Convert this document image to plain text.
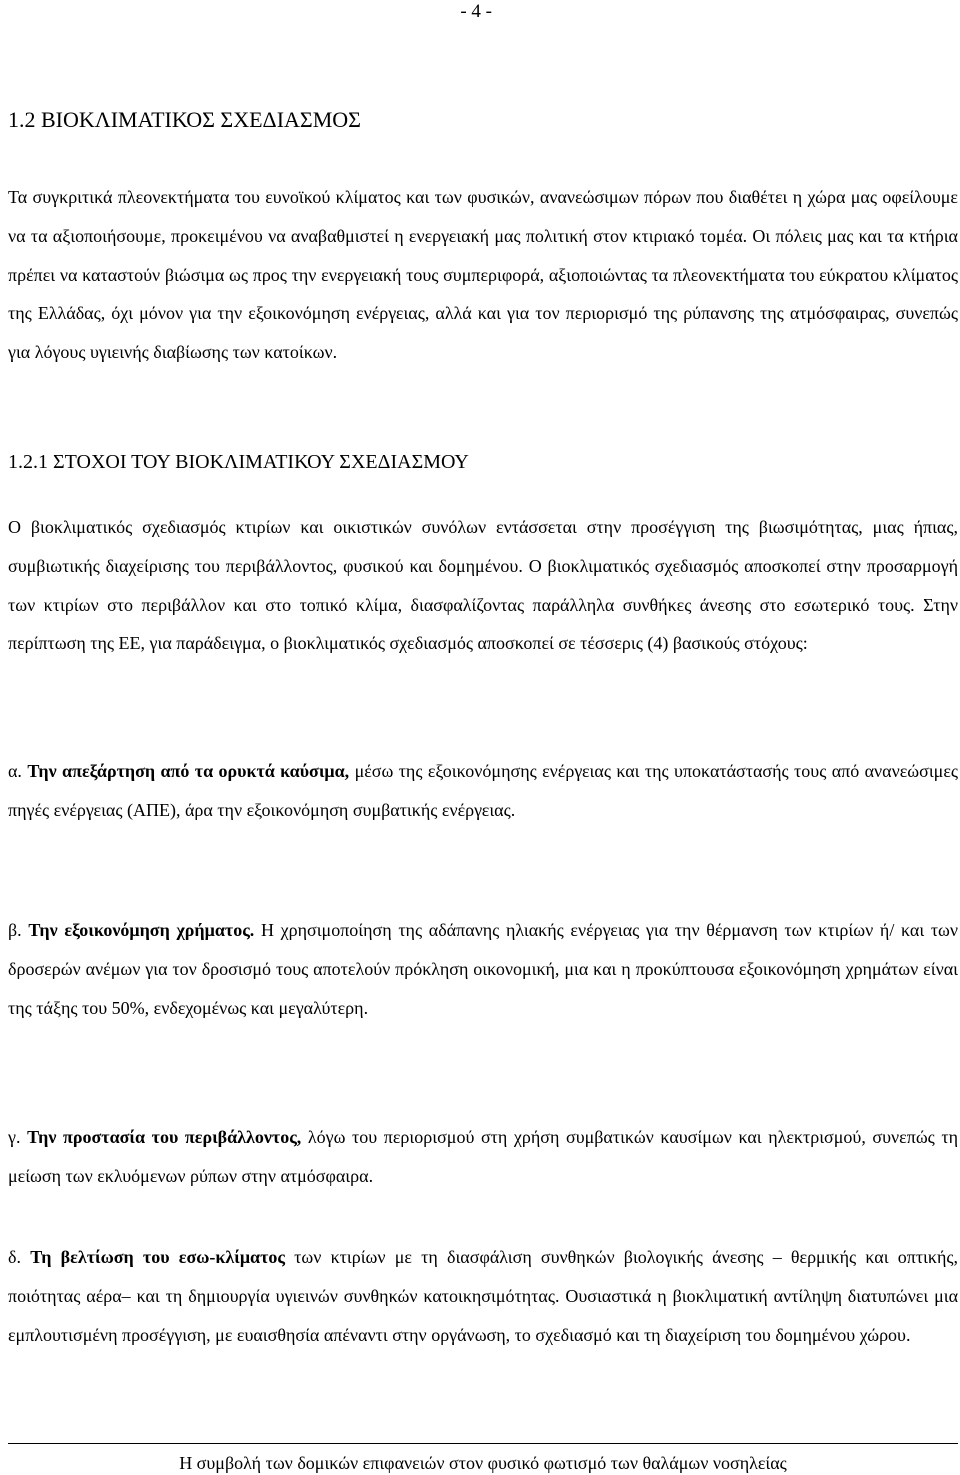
- 4 -

1.2 ΒΙΟΚΛΙΜΑΤΙΚΟΣ ΣΧΕΔΙΑΣΜΟΣ

Τα συγκριτικά πλεονεκτήματα του ευνοϊκού κλίματος και των φυσικών, ανανεώσιμων πόρων που διαθέτει η χώρα μας οφείλουμε να τα αξιοποιήσουμε, προκειμένου να αναβαθμιστεί η ενεργειακή μας πολιτική στον κτιριακό τομέα. Οι πόλεις μας και τα κτήρια πρέπει να καταστούν βιώσιμα ως προς την ενεργειακή τους συμπεριφορά, αξιοποιώντας τα πλεονεκτήματα του εύκρατου κλίματος της Ελλάδας, όχι μόνον για την εξοικονόμηση ενέργειας, αλλά και για τον περιορισμό της ρύπανσης της ατμόσφαιρας, συνεπώς για λόγους υγιεινής διαβίωσης των κατοίκων.

1.2.1 ΣΤΟΧΟΙ ΤΟΥ ΒΙΟΚΛΙΜΑΤΙΚΟΥ ΣΧΕΔΙΑΣΜΟΥ

Ο βιοκλιματικός σχεδιασμός κτιρίων και οικιστικών συνόλων εντάσσεται στην προσέγγιση της βιωσιμότητας, μιας ήπιας, συμβιωτικής διαχείρισης του περιβάλλοντος, φυσικού και δομημένου. Ο βιοκλιματικός σχεδιασμός αποσκοπεί στην προσαρμογή των κτιρίων στο περιβάλλον και στο τοπικό κλίμα, διασφαλίζοντας παράλληλα συνθήκες άνεσης στο εσωτερικό τους. Στην περίπτωση της ΕΕ, για παράδειγμα, ο βιοκλιματικός σχεδιασμός αποσκοπεί σε τέσσερις (4) βασικούς στόχους:

α. Την απεξάρτηση από τα ορυκτά καύσιμα, μέσω της εξοικονόμησης ενέργειας και της υποκατάστασής τους από ανανεώσιμες πηγές ενέργειας (ΑΠΕ), άρα την εξοικονόμηση συμβατικής ενέργειας.

β. Την εξοικονόμηση χρήματος. Η χρησιμοποίηση της αδάπανης ηλιακής ενέργειας για την θέρμανση των κτιρίων ή/ και των δροσερών ανέμων για τον δροσισμό τους αποτελούν πρόκληση οικονομική, μια και η προκύπτουσα εξοικονόμηση χρημάτων είναι της τάξης του 50%, ενδεχομένως και μεγαλύτερη.

γ. Την προστασία του περιβάλλοντος, λόγω του περιορισμού στη χρήση συμβατικών καυσίμων και ηλεκτρισμού, συνεπώς τη μείωση των εκλυόμενων ρύπων στην ατμόσφαιρα.

δ. Τη βελτίωση του εσω-κλίματος των κτιρίων με τη διασφάλιση συνθηκών βιολογικής άνεσης – θερμικής και οπτικής, ποιότητας αέρα– και τη δημιουργία υγιεινών συνθηκών κατοικησιμότητας. Ουσιαστικά η βιοκλιματική αντίληψη διατυπώνει μια εμπλουτισμένη προσέγγιση, με ευαισθησία απέναντι στην οργάνωση, το σχεδιασμό και τη διαχείριση του δομημένου χώρου.

Η συμβολή των δομικών επιφανειών στον φυσικό φωτισμό των θαλάμων νοσηλείας
